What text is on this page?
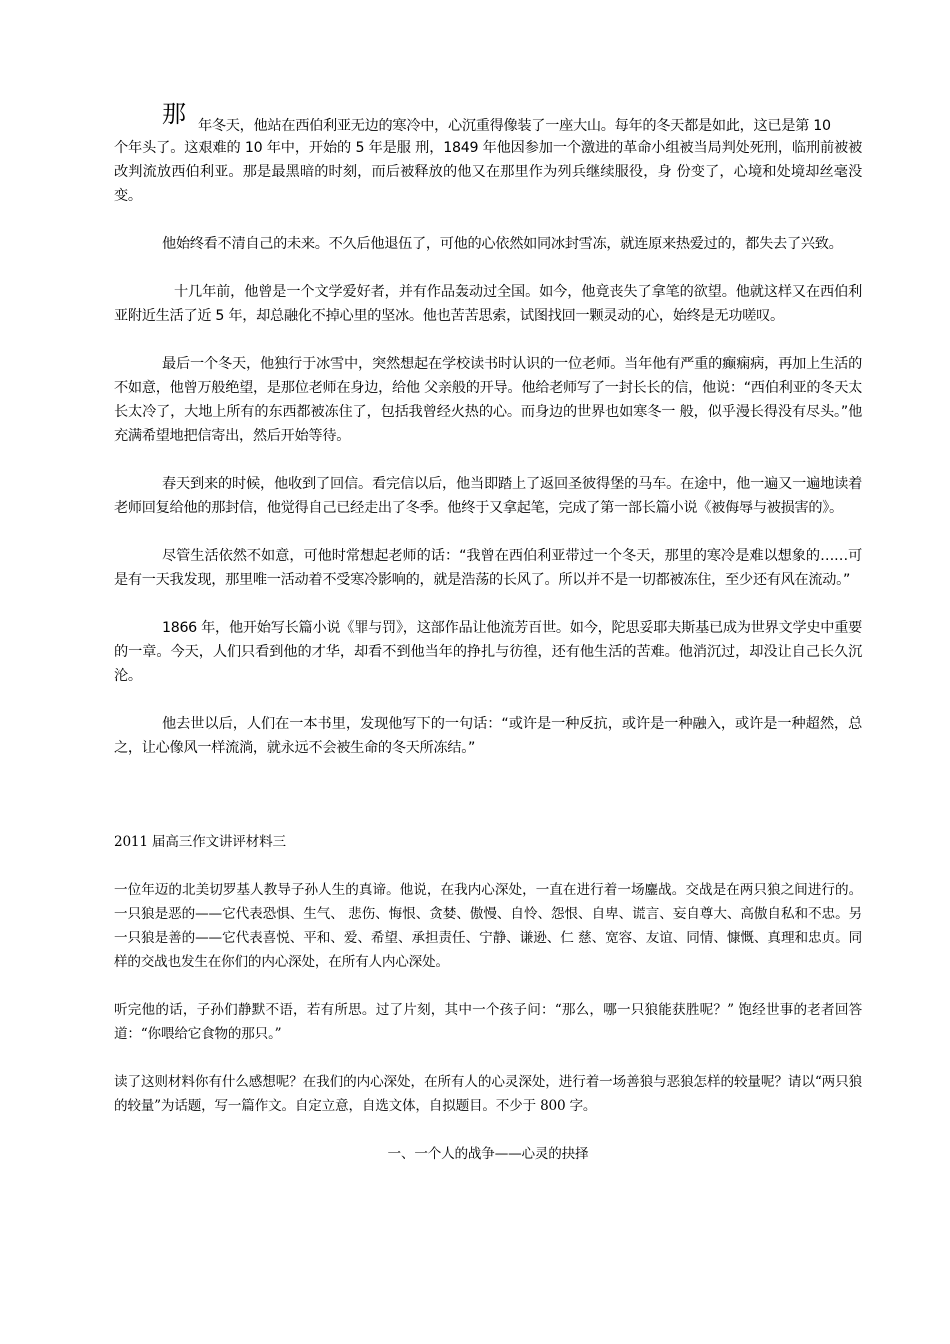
那 年冬天，他站在西伯利亚无边的寒冷中，心沉重得像装了一座大山。每年的冬天都是如此，这已是第 10

个年头了。这艰难的 10 年中，开始的 5 年是服 刑，1849 年他因参加一个激进的革命小组被当局判处死刑，临刑前被被改判流放西伯利亚。那是最黑暗的时刻，而后被释放的他又在那里作为列兵继续服役，身 份变了，心境和处境却丝毫没变。

他始终看不清自己的未来。不久后他退伍了，可他的心依然如同冰封雪冻，就连原来热爱过的，都失去了兴致。

十几年前，他曾是一个文学爱好者，并有作品轰动过全国。如今，他竟丧失了拿笔的欲望。他就这样又在西伯利亚附近生活了近 5 年，却总融化不掉心里的坚冰。他也苦苦思索，试图找回一颗灵动的心，始终是无功嗟叹。

最后一个冬天，他独行于冰雪中，突然想起在学校读书时认识的一位老师。当年他有严重的癫痫病，再加上生活的不如意，他曾万般绝望，是那位老师在身边，给他 父亲般的开导。他给老师写了一封长长的信，他说：“西伯利亚的冬天太长太冷了，大地上所有的东西都被冻住了，包括我曾经火热的心。而身边的世界也如寒冬一 般，似乎漫长得没有尽头。”他充满希望地把信寄出，然后开始等待。

春天到来的时候，他收到了回信。看完信以后，他当即踏上了返回圣彼得堡的马车。在途中，他一遍又一遍地读着老师回复给他的那封信，他觉得自己已经走出了冬季。他终于又拿起笔，完成了第一部长篇小说《被侮辱与被损害的》。

尽管生活依然不如意，可他时常想起老师的话：“我曾在西伯利亚带过一个冬天，那里的寒冷是难以想象的……可是有一天我发现，那里唯一活动着不受寒冷影响的，就是浩荡的长风了。所以并不是一切都被冻住，至少还有风在流动。”

1866 年，他开始写长篇小说《罪与罚》，这部作品让他流芳百世。如今，陀思妥耶夫斯基已成为世界文学史中重要的一章。今天，人们只看到他的才华，却看不到他当年的挣扎与彷徨，还有他生活的苦难。他消沉过，却没让自己长久沉沦。

他去世以后，人们在一本书里，发现他写下的一句话：“或许是一种反抗，或许是一种融入，或许是一种超然，总之，让心像风一样流淌，就永远不会被生命的冬天所冻结。”

2011 届高三作文讲评材料三

一位年迈的北美切罗基人教导子孙人生的真谛。他说，在我内心深处，一直在进行着一场鏖战。交战是在两只狼之间进行的。一只狼是恶的——它代表恐惧、生气、 悲伤、悔恨、贪婪、傲慢、自怜、怨恨、自卑、谎言、妄自尊大、高傲自私和不忠。另一只狼是善的——它代表喜悦、平和、爱、希望、承担责任、宁静、谦逊、仁 慈、宽容、友谊、同情、慷慨、真理和忠贞。同样的交战也发生在你们的内心深处，在所有人内心深处。

听完他的话，子孙们静默不语，若有所思。过了片刻，其中一个孩子问：“那么，哪一只狼能获胜呢？” 饱经世事的老者回答道：“你喂给它食物的那只。”

读了这则材料你有什么感想呢？在我们的内心深处，在所有人的心灵深处，进行着一场善狼与恶狼怎样的较量呢？请以“两只狼的较量”为话题，写一篇作文。自定立意，自选文体，自拟题目。不少于 800 字。

一、一个人的战争——心灵的抉择
